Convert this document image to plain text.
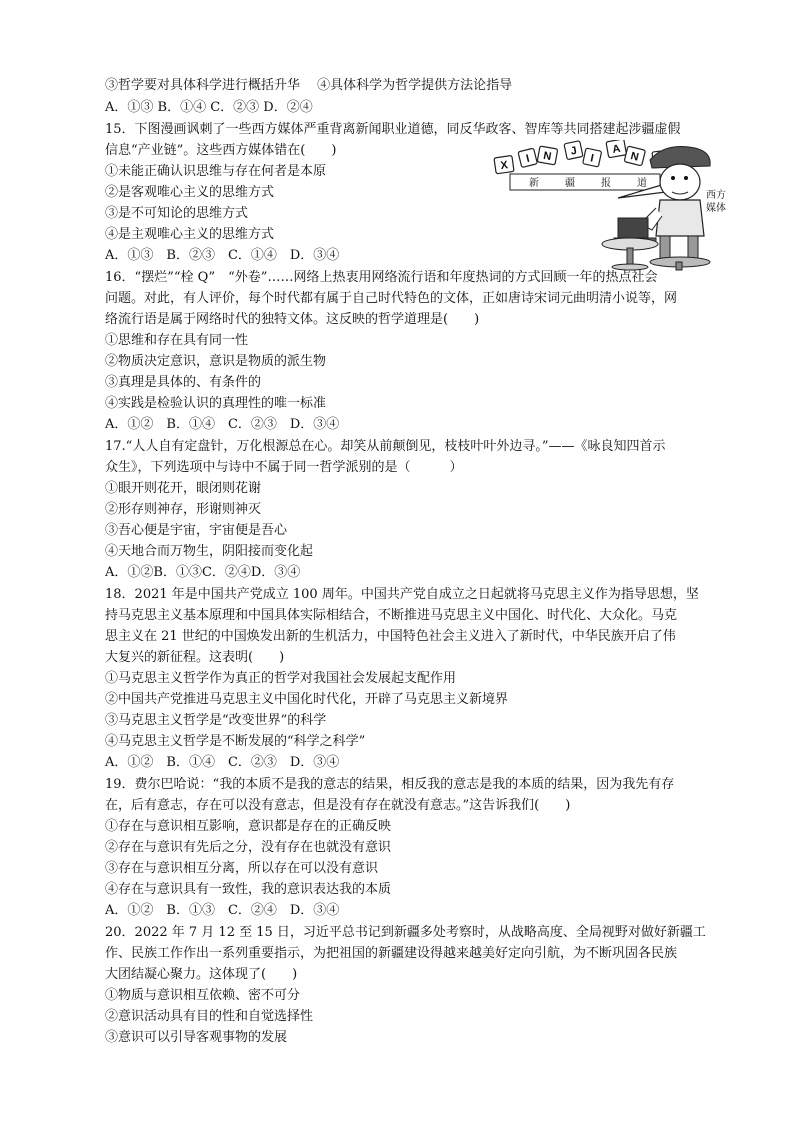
③哲学要对具体科学进行概括升华　 ④具体科学为哲学提供方法论指导
A．①③ B．①④ C．②③ D．②④
15．下图漫画讽刺了一些西方媒体严重背离新闻职业道德，同反华政客、智库等共同搭建起涉疆虚假
信息“产业链”。这些西方媒体错在(　　)
①未能正确认识思维与存在何者是本原
②是客观唯心主义的思维方式
③是不可知论的思维方式
④是主观唯心主义的思维方式
A．①③　B．②③　C．①④　D．③④
X
I N J
I
A
N
新	疆	报	道
西方
媒体
16．“摆烂”“栓 Q”　“外卷”……网络上热衷用网络流行语和年度热词的方式回顾一年的热点社会
问题。对此，有人评价，每个时代都有属于自己时代特色的文体，正如唐诗宋词元曲明清小说等，网
络流行语是属于网络时代的独特文体。这反映的哲学道理是(　　)
①思维和存在具有同一性
②物质决定意识，意识是物质的派生物
③真理是具体的、有条件的
④实践是检验认识的真理性的唯一标准
A．①②　B．①④　C．②③　D．③④
17.“人人自有定盘针，万化根源总在心。却笑从前颠倒见，枝枝叶叶外边寻。”——《咏良知四首示
众生》，下列选项中与诗中不属于同一哲学派别的是（　　　）
①眼开则花开，眼闭则花谢
②形存则神存，形谢则神灭
③吾心便是宇宙，宇宙便是吾心
④天地合而万物生，阴阳接而变化起
A．①②B．①③C．②④D．③④
18．2021 年是中国共产党成立 100 周年。中国共产党自成立之日起就将马克思主义作为指导思想，坚
持马克思主义基本原理和中国具体实际相结合，不断推进马克思主义中国化、时代化、大众化。马克
思主义在 21 世纪的中国焕发出新的生机活力，中国特色社会主义进入了新时代，中华民族开启了伟
大复兴的新征程。这表明(　　)
①马克思主义哲学作为真正的哲学对我国社会发展起支配作用
②中国共产党推进马克思主义中国化时代化，开辟了马克思主义新境界
③马克思主义哲学是“改变世界”的科学
④马克思主义哲学是不断发展的“科学之科学”
A．①②　B．①④　C．②③　D．③④
19．费尔巴哈说：“我的本质不是我的意志的结果，相反我的意志是我的本质的结果，因为我先有存
在，后有意志，存在可以没有意志，但是没有存在就没有意志。”这告诉我们(　　)
①存在与意识相互影响，意识都是存在的正确反映
②存在与意识有先后之分，没有存在也就没有意识
③存在与意识相互分离，所以存在可以没有意识
④存在与意识具有一致性，我的意识表达我的本质
A．①②　B．①③　C．②④　D．③④
20．2022 年 7 月 12 至 15 日，习近平总书记到新疆多处考察时，从战略高度、全局视野对做好新疆工
作、民族工作作出一系列重要指示，为把祖国的新疆建设得越来越美好定向引航，为不断巩固各民族
大团结凝心聚力。这体现了(　　)
①物质与意识相互依赖、密不可分
②意识活动具有目的性和自觉选择性
③意识可以引导客观事物的发展
